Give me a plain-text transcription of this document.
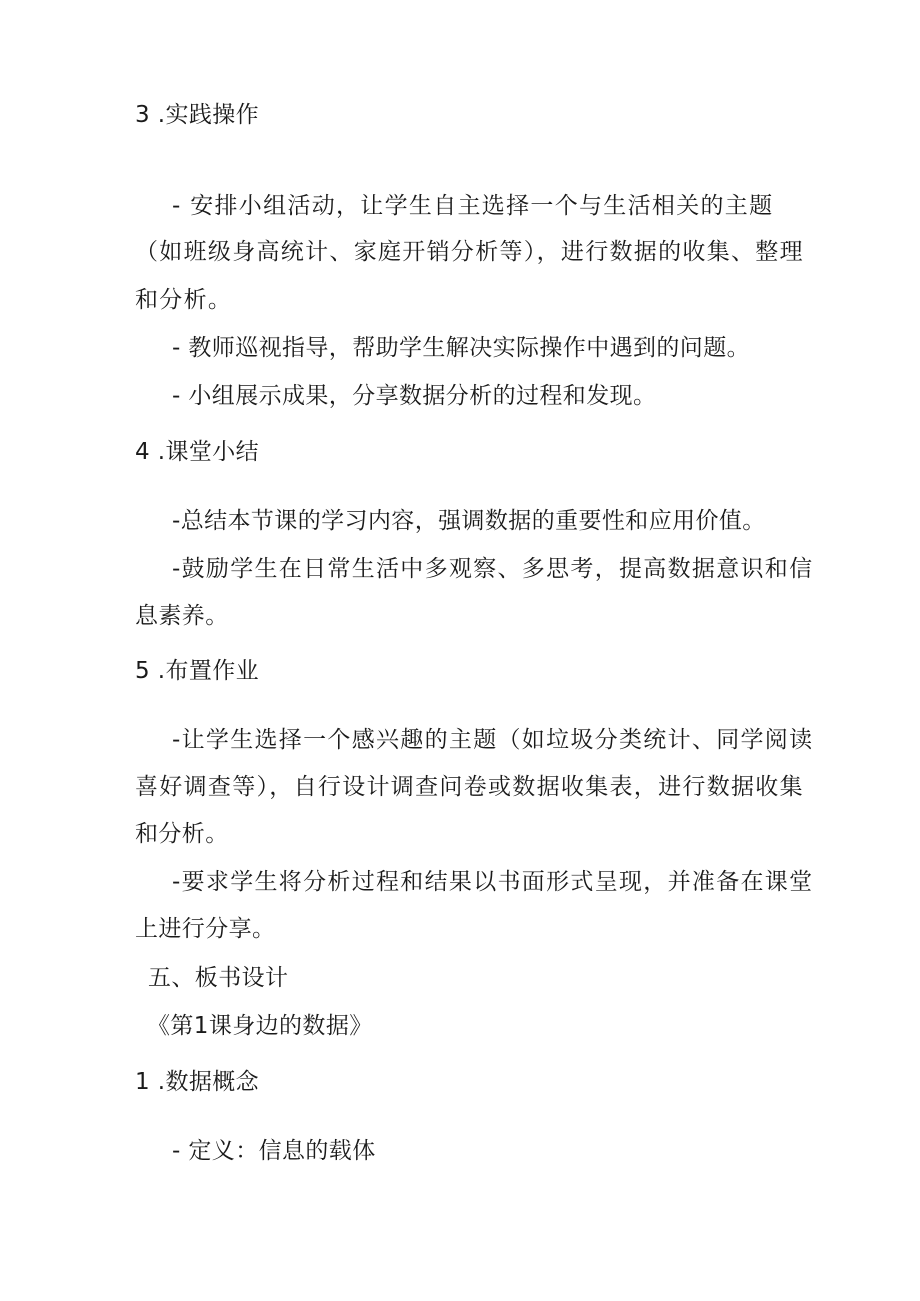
3 .实践操作
- 安排小组活动，让学生自主选择一个与生活相关的主题
（如班级身高统计、家庭开销分析等），进行数据的收集、整理
和分析。
- 教师巡视指导，帮助学生解决实际操作中遇到的问题。
- 小组展示成果，分享数据分析的过程和发现。
4 .课堂小结
-总结本节课的学习内容，强调数据的重要性和应用价值。
-鼓励学生在日常生活中多观察、多思考，提高数据意识和信
息素养。
5 .布置作业
-让学生选择一个感兴趣的主题（如垃圾分类统计、同学阅读
喜好调查等），自行设计调查问卷或数据收集表，进行数据收集
和分析。
-要求学生将分析过程和结果以书面形式呈现，并准备在课堂
上进行分享。
五、板书设计
《第1课身边的数据》
1 .数据概念
- 定义：信息的载体
